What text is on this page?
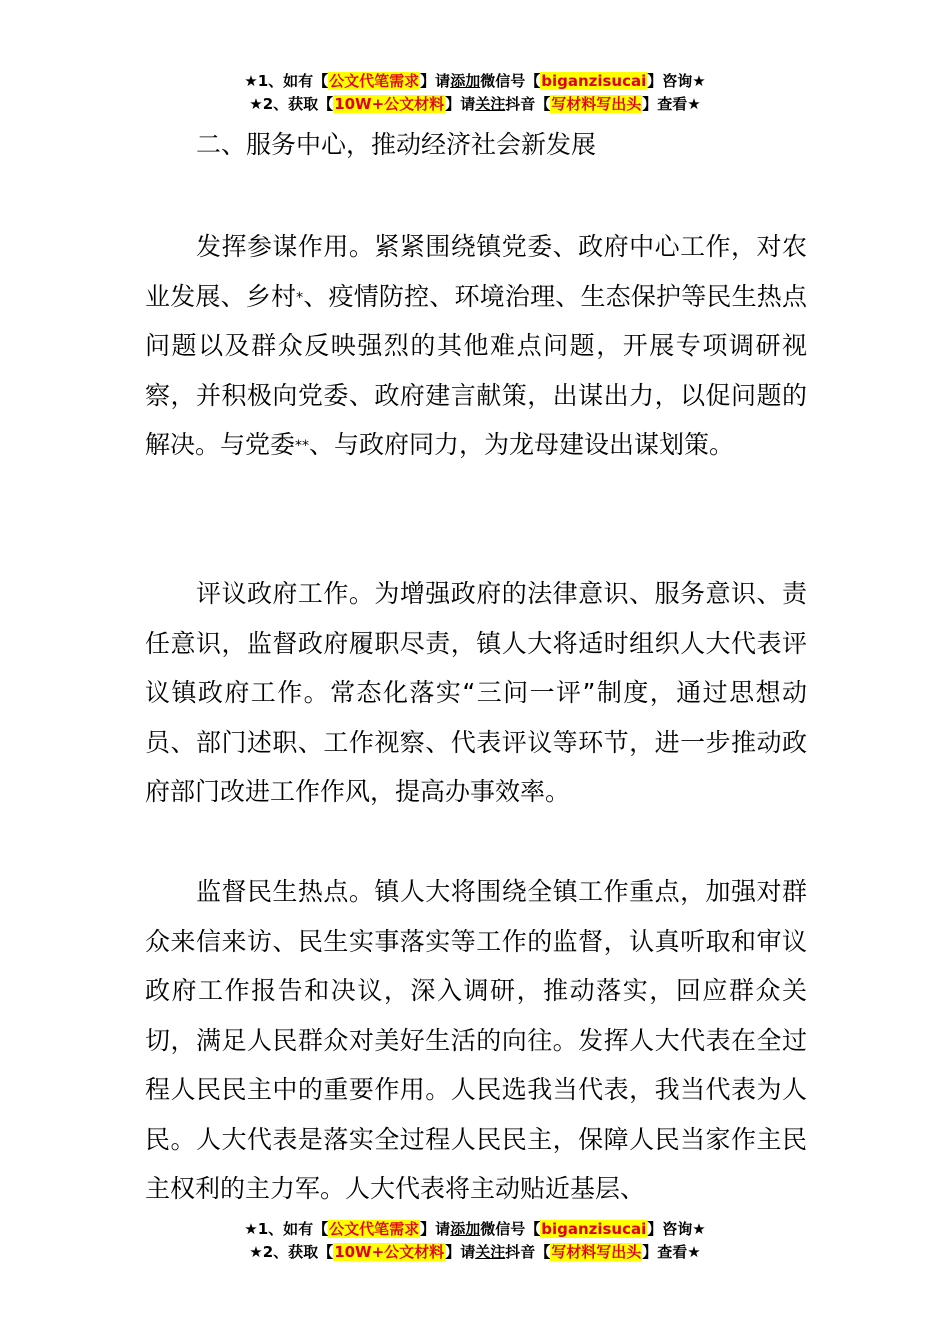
★1、如有【公文代笔需求】请添加微信号【biganzisucai】咨询★
★2、获取【10W+公文材料】请关注抖音【写材料写出头】查看★
二、服务中心，推动经济社会新发展

发挥参谋作用。紧紧围绕镇党委、政府中心工作，对农业发展、乡村*、疫情防控、环境治理、生态保护等民生热点问题以及群众反映强烈的其他难点问题，开展专项调研视察，并积极向党委、政府建言献策，出谋出力，以促问题的解决。与党委**、与政府同力，为龙母建设出谋划策。

评议政府工作。为增强政府的法律意识、服务意识、责任意识，监督政府履职尽责，镇人大将适时组织人大代表评议镇政府工作。常态化落实“三问一评”制度，通过思想动员、部门述职、工作视察、代表评议等环节，进一步推动政府部门改进工作作风，提高办事效率。

监督民生热点。镇人大将围绕全镇工作重点，加强对群众来信来访、民生实事落实等工作的监督，认真听取和审议政府工作报告和决议，深入调研，推动落实，回应群众关切，满足人民群众对美好生活的向往。发挥人大代表在全过程人民民主中的重要作用。人民选我当代表，我当代表为人民。人大代表是落实全过程人民民主，保障人民当家作主民主权利的主力军。人大代表将主动贴近基层、

★1、如有【公文代笔需求】请添加微信号【biganzisucai】咨询★
★2、获取【10W+公文材料】请关注抖音【写材料写出头】查看★
